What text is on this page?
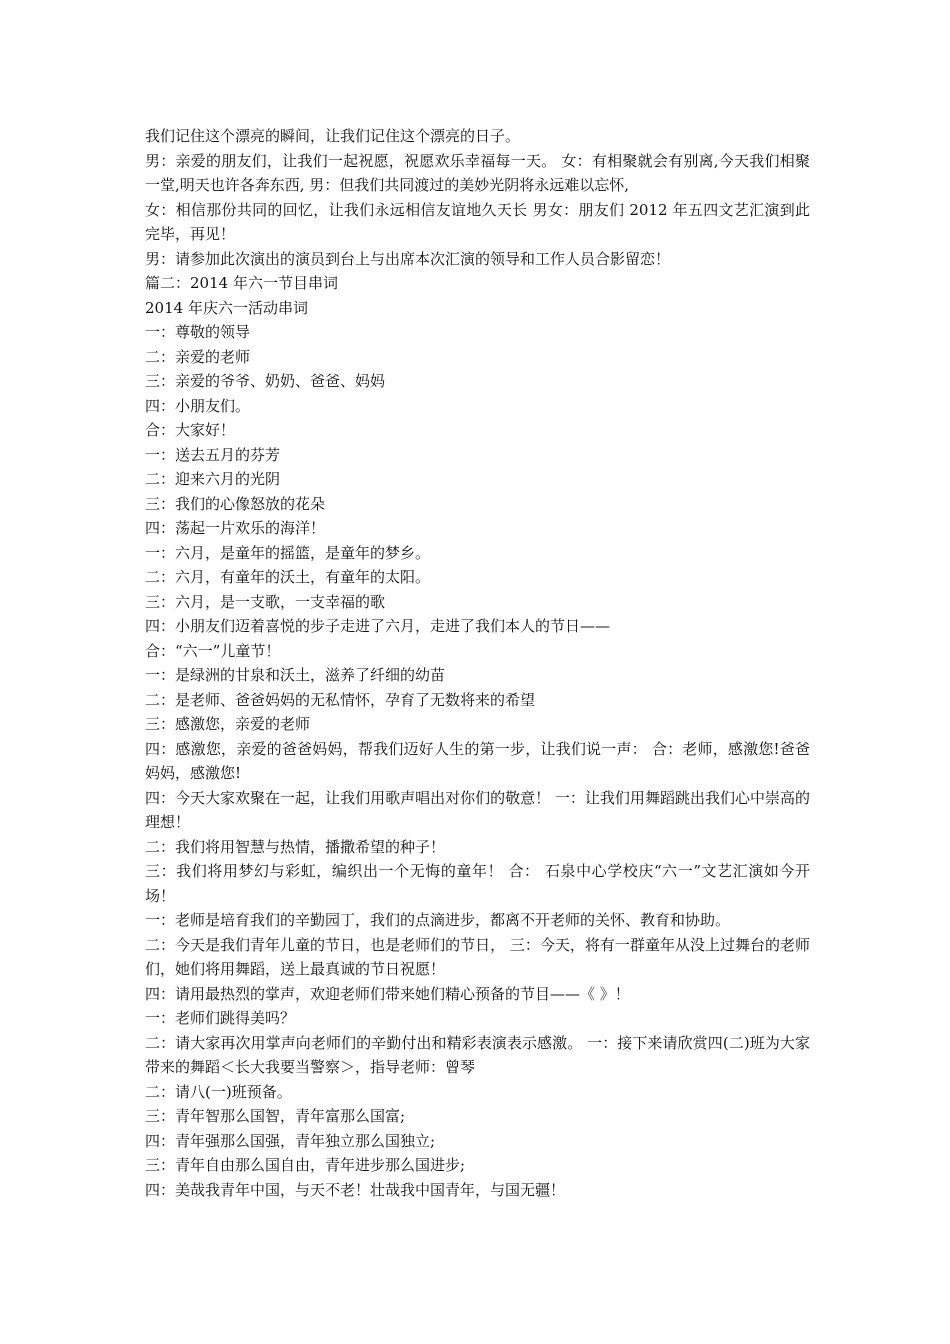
我们记住这个漂亮的瞬间，让我们记住这个漂亮的日子。

男：亲爱的朋友们，让我们一起祝愿，祝愿欢乐幸福每一天。 女：有相聚就会有别离,今天我们相聚一堂,明天也许各奔东西, 男：但我们共同渡过的美妙光阴将永远难以忘怀,

女：相信那份共同的回忆，让我们永远相信友谊地久天长 男女：朋友们 2012 年五四文艺汇演到此完毕，再见！

男：请参加此次演出的演员到台上与出席本次汇演的领导和工作人员合影留恋！

篇二：2014 年六一节目串词

2014 年庆六一活动串词

一：尊敬的领导

二：亲爱的老师

三：亲爱的爷爷、奶奶、爸爸、妈妈

四：小朋友们。

合：大家好！

一：送去五月的芬芳

二：迎来六月的光阴

三：我们的心像怒放的花朵

四：荡起一片欢乐的海洋！

一：六月，是童年的摇篮，是童年的梦乡。

二：六月，有童年的沃土，有童年的太阳。

三：六月，是一支歌，一支幸福的歌

四：小朋友们迈着喜悦的步子走进了六月，走进了我们本人的节日——

合：“六一”儿童节！

一：是绿洲的甘泉和沃土，滋养了纤细的幼苗

二：是老师、爸爸妈妈的无私情怀，孕育了无数将来的希望

三：感激您，亲爱的老师

四：感激您，亲爱的爸爸妈妈，帮我们迈好人生的第一步，让我们说一声： 合：老师，感激您!爸爸妈妈，感激您!

四：今天大家欢聚在一起，让我们用歌声唱出对你们的敬意！ 一：让我们用舞蹈跳出我们心中崇高的理想！

二：我们将用智慧与热情，播撒希望的种子！

三：我们将用梦幻与彩虹，编织出一个无悔的童年！ 合： 石泉中心学校庆“六一”文艺汇演如今开场！

一：老师是培育我们的辛勤园丁，我们的点滴进步，都离不开老师的关怀、教育和协助。

二：今天是我们青年儿童的节日，也是老师们的节日， 三：今天，将有一群童年从没上过舞台的老师们，她们将用舞蹈，送上最真诚的节日祝愿！

四：请用最热烈的掌声，欢迎老师们带来她们精心预备的节目——《 》！

一：老师们跳得美吗？

二：请大家再次用掌声向老师们的辛勤付出和精彩表演表示感激。 一：接下来请欣赏四(二)班为大家带来的舞蹈＜长大我要当警察＞，指导老师：曾琴

二：请八(一)班预备。

三：青年智那么国智，青年富那么国富;

四：青年强那么国强，青年独立那么国独立;

三：青年自由那么国自由，青年进步那么国进步;

四：美哉我青年中国，与天不老！壮哉我中国青年，与国无疆！
